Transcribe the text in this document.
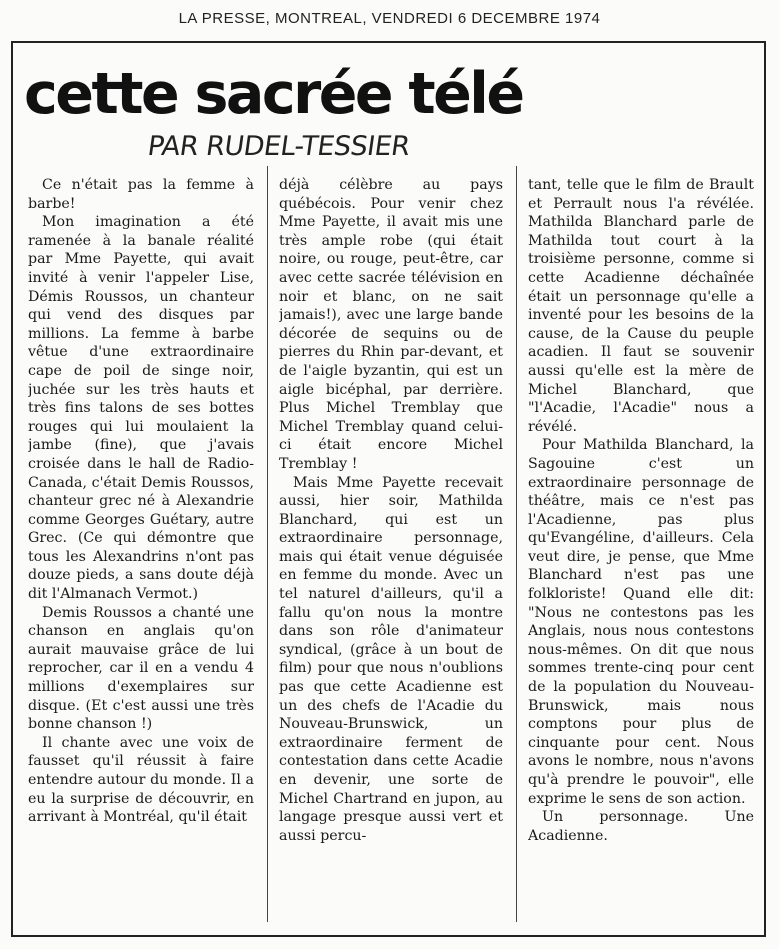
LA PRESSE, MONTREAL, VENDREDI 6 DECEMBRE 1974
cette sacrée télé
PAR RUDEL-TESSIER

Ce n'était pas la femme à barbe!

Mon imagination a été ramenée à la banale réalité par Mme Payette, qui avait invité à venir l'appeler Lise, Démis Roussos, un chanteur qui vend des disques par millions. La femme à barbe vêtue d'une extraordinaire cape de poil de singe noir, juchée sur les très hauts et très fins talons de ses bottes rouges qui lui moulaient la jambe (fine), que j'avais croisée dans le hall de Radio-Canada, c'était Demis Roussos, chanteur grec né à Alexandrie comme Georges Guétary, autre Grec. (Ce qui démontre que tous les Alexandrins n'ont pas douze pieds, a sans doute déjà dit l'Almanach Vermot.)

Demis Roussos a chanté une chanson en anglais qu'on aurait mauvaise grâce de lui reprocher, car il en a vendu 4 millions d'exemplaires sur disque. (Et c'est aussi une très bonne chanson !)

Il chante avec une voix de fausset qu'il réussit à faire entendre autour du monde. Il a eu la surprise de découvrir, en arrivant à Montréal, qu'il était

déjà célèbre au pays québécois. Pour venir chez Mme Payette, il avait mis une très ample robe (qui était noire, ou rouge, peut-être, car avec cette sacrée télévision en noir et blanc, on ne sait jamais!), avec une large bande décorée de sequins ou de pierres du Rhin par-devant, et de l'aigle byzantin, qui est un aigle bicéphal, par derrière. Plus Michel Tremblay que Michel Tremblay quand celui-ci était encore Michel Tremblay !

Mais Mme Payette recevait aussi, hier soir, Mathilda Blanchard, qui est un extraordinaire personnage, mais qui était venue déguisée en femme du monde. Avec un tel naturel d'ailleurs, qu'il a fallu qu'on nous la montre dans son rôle d'animateur syndical, (grâce à un bout de film) pour que nous n'oublions pas que cette Acadienne est un des chefs de l'Acadie du Nouveau-Brunswick, un extraordinaire ferment de contestation dans cette Acadie en devenir, une sorte de Michel Chartrand en jupon, au langage presque aussi vert et aussi percu-

tant, telle que le film de Brault et Perrault nous l'a révélée. Mathilda Blanchard parle de Mathilda tout court à la troisième personne, comme si cette Acadienne déchaînée était un personnage qu'elle a inventé pour les besoins de la cause, de la Cause du peuple acadien. Il faut se souvenir aussi qu'elle est la mère de Michel Blanchard, que "l'Acadie, l'Acadie" nous a révélé.

Pour Mathilda Blanchard, la Sagouine c'est un extraordinaire personnage de théâtre, mais ce n'est pas l'Acadienne, pas plus qu'Evangéline, d'ailleurs. Cela veut dire, je pense, que Mme Blanchard n'est pas une folkloriste! Quand elle dit: "Nous ne contestons pas les Anglais, nous nous contestons nous-mêmes. On dit que nous sommes trente-cinq pour cent de la population du Nouveau-Brunswick, mais nous comptons pour plus de cinquante pour cent. Nous avons le nombre, nous n'avons qu'à prendre le pouvoir", elle exprime le sens de son action.

Un personnage. Une Acadienne.
